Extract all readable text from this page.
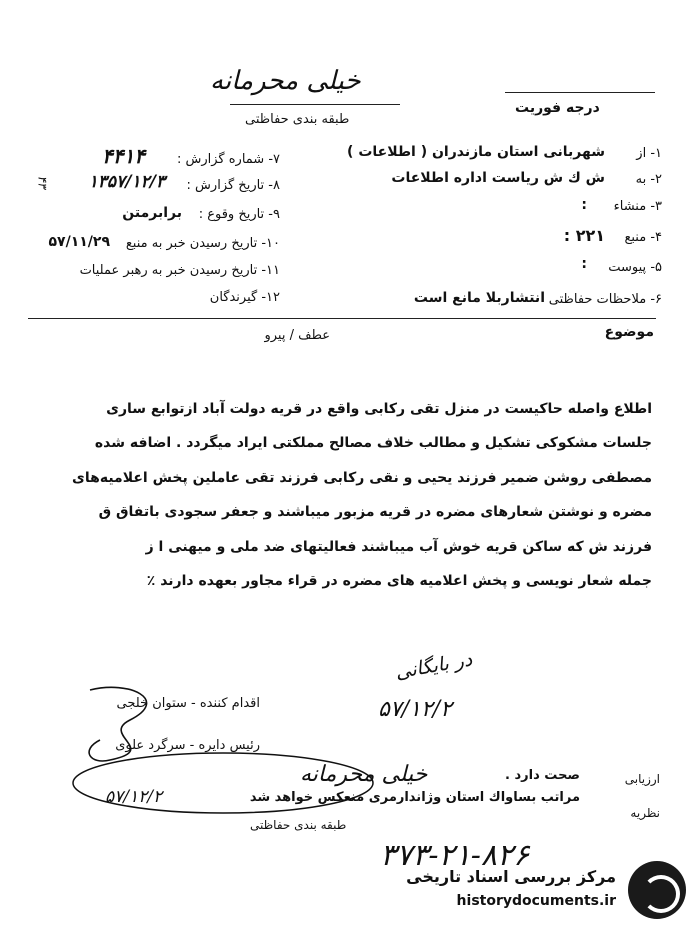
خیلی محرمانه
طبقه بندی حفاظتی
درجه فوریت
۱- از
شهربانی استان مازندران ( اطلاعات )
۲- به
ش ك ش ریاست اداره اطلاعات
۳- منشاء
:
۴- منبع
۲۲۱ :
۵- پیوست
:
۶- ملاحظات حفاظتی
انتشاربلا مانع است
۷- شماره گزارش :
۴۴۱۴
۸- تاریخ گزارش :
۱۳۵۷/۱۲/۳
۹- تاریخ وقوع :
برابرمتن
۱۰- تاریخ رسیدن خبر به منبع
۵۷/۱۱/۲۹
۱۱- تاریخ رسیدن خبر به رهبر عملیات
۱۲- گیرندگان
۴۳
موضوع
عطف / پیرو
اطلاع واصله حاکیست در منزل تقی رکابی واقع در قریه دولت آباد ازتوابع ساری
جلسات مشکوکی تشکیل و مطالب خلاف مصالح مملکتی ایراد میگردد . اضافه شده
مصطفی روشن ضمیر فرزند یحیی و نقی رکابی فرزند تقی عاملین پخش اعلامیه‌های
مضره و نوشتن شعارهای مضره در قریه مزبور میباشند و جعفر سجودی باتفاق ق
فرزند ش که ساکن قریه خوش آب میباشند فعالیتهای ضد ملی و میهنی ا ز
جمله شعار نویسی و پخش اعلامیه های مضره در قراء مجاور بعهده دارند ٪
در بایگانی
۵۷/۱۲/۲
اقدام کننده - ستوان خلجی
رئیس دایره - سرگرد علوی
۵۷/۱۲/۲
ارزیابی
نظریه
صحت دارد .
مراتب بساواك استان وژاندارمری منعکس خواهد شد
خیلی محرمانه
طبقه بندی حفاظتی
۳۷۳-۲۱-۸۲۶
مرکز بررسی اسناد تاریخی
historydocuments.ir
